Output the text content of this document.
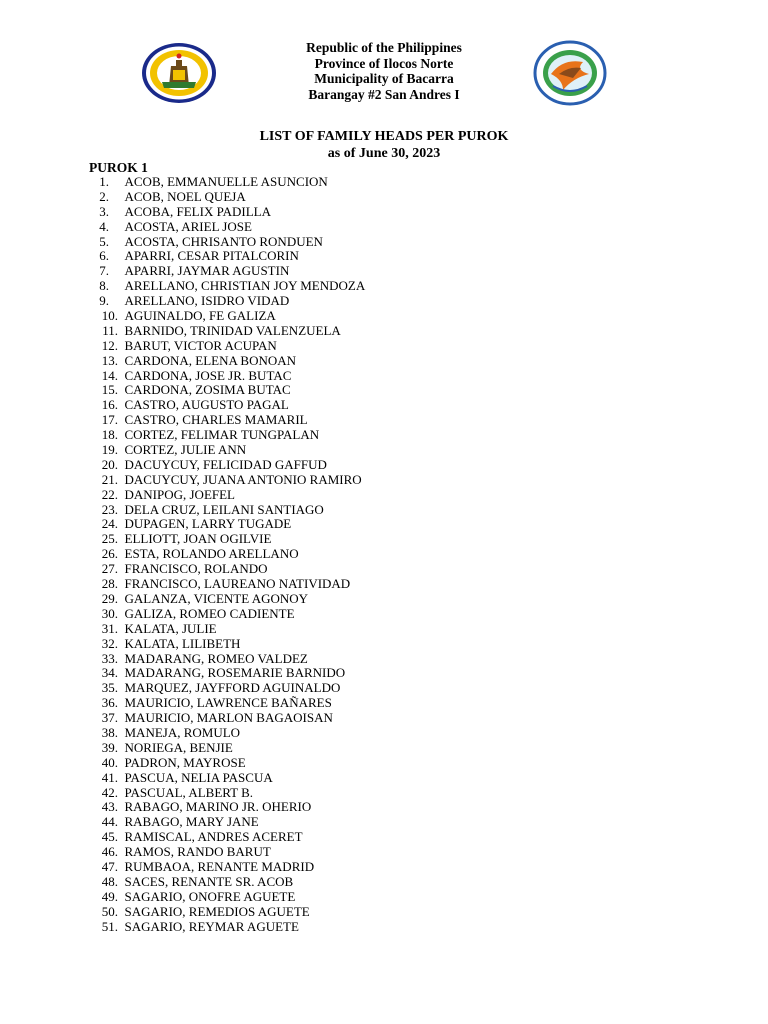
Republic of the Philippines
Province of Ilocos Norte
Municipality of Bacarra
Barangay #2 San Andres I
LIST OF FAMILY HEADS PER PUROK
as of June 30, 2023
PUROK 1
1. ACOB, EMMANUELLE ASUNCION
2. ACOB, NOEL QUEJA
3. ACOBA, FELIX PADILLA
4. ACOSTA, ARIEL JOSE
5. ACOSTA, CHRISANTO RONDUEN
6. APARRI, CESAR PITALCORIN
7. APARRI, JAYMAR AGUSTIN
8. ARELLANO, CHRISTIAN JOY MENDOZA
9. ARELLANO, ISIDRO VIDAD
10. AGUINALDO, FE GALIZA
11. BARNIDO, TRINIDAD VALENZUELA
12. BARUT, VICTOR ACUPAN
13. CARDONA, ELENA BONOAN
14. CARDONA, JOSE JR. BUTAC
15. CARDONA, ZOSIMA BUTAC
16. CASTRO, AUGUSTO PAGAL
17. CASTRO, CHARLES MAMARIL
18. CORTEZ, FELIMAR TUNGPALAN
19. CORTEZ, JULIE ANN
20. DACUYCUY, FELICIDAD GAFFUD
21. DACUYCUY, JUANA ANTONIO RAMIRO
22. DANIPOG, JOEFEL
23. DELA CRUZ, LEILANI SANTIAGO
24. DUPAGEN, LARRY TUGADE
25. ELLIOTT, JOAN OGILVIE
26. ESTA, ROLANDO ARELLANO
27. FRANCISCO, ROLANDO
28. FRANCISCO, LAUREANO NATIVIDAD
29. GALANZA, VICENTE AGONOY
30. GALIZA, ROMEO CADIENTE
31. KALATA, JULIE
32. KALATA, LILIBETH
33. MADARANG, ROMEO VALDEZ
34. MADARANG, ROSEMARIE BARNIDO
35. MARQUEZ, JAYFFORD AGUINALDO
36. MAURICIO, LAWRENCE BAÑARES
37. MAURICIO, MARLON BAGAOISAN
38. MANEJA, ROMULO
39. NORIEGA, BENJIE
40. PADRON, MAYROSE
41. PASCUA, NELIA PASCUA
42. PASCUAL, ALBERT B.
43. RABAGO, MARINO JR. OHERIO
44. RABAGO, MARY JANE
45. RAMISCAL, ANDRES ACERET
46. RAMOS, RANDO BARUT
47. RUMBAOA, RENANTE MADRID
48. SACES, RENANTE SR. ACOB
49. SAGARIO, ONOFRE AGUETE
50. SAGARIO, REMEDIOS AGUETE
51. SAGARIO, REYMAR AGUETE
